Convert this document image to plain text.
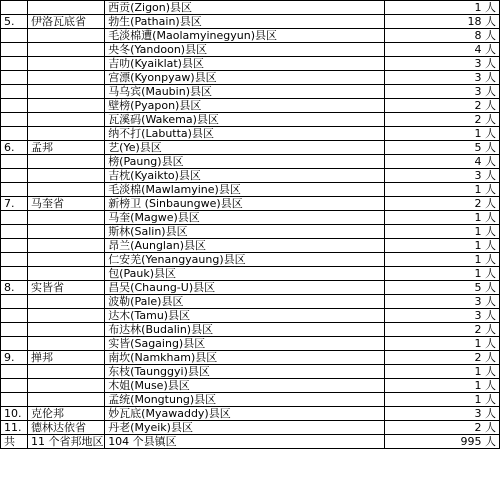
		西贡(Zigon)县区	1 人
5.	伊洛瓦底省	勃生(Pathain)县区	18 人
		毛淡棉遭(Maolamyinegyun)县区	8 人
		央冬(Yandoon)县区	4 人
		吉叻(Kyaiklat)县区	3 人
		宫漂(Kyonpyaw)县区	3 人
		马乌宾(Maubin)县区	3 人
		壁榜(Pyapon)县区	2 人
		瓦溪码(Wakema)县区	2 人
		纳不打(Labutta)县区	1 人
6.	孟邦	艺(Ye)县区	5 人
		榜(Paung)县区	4 人
		吉枕(Kyaikto)县区	3 人
		毛淡棉(Mawlamyine)县区	1 人
7.	马奎省	新榜卫 (Sinbaungwe)县区	2 人
		马奎(Magwe)县区	1 人
		斯林(Salin)县区	1 人
		昂兰(Aunglan)县区	1 人
		仁安羌(Yenangyaung)县区	1 人
		包(Pauk)县区	1 人
8.	实皆省	昌吴(Chaung-U)县区	5 人
		波勒(Pale)县区	3 人
		达木(Tamu)县区	3 人
		布达林(Budalin)县区	2 人
		实皆(Sagaing)县区	1 人
9.	掸邦	南坎(Namkham)县区	2 人
		东枝(Taunggyi)县区	1 人
		木姐(Muse)县区	1 人
		孟统(Mongtung)县区	1 人
10.	克伦邦	妙瓦底(Myawaddy)县区	3 人
11.	德林达依省	丹老(Myeik)县区	2 人
共	11 个省邦地区	104 个县镇区	995 人
